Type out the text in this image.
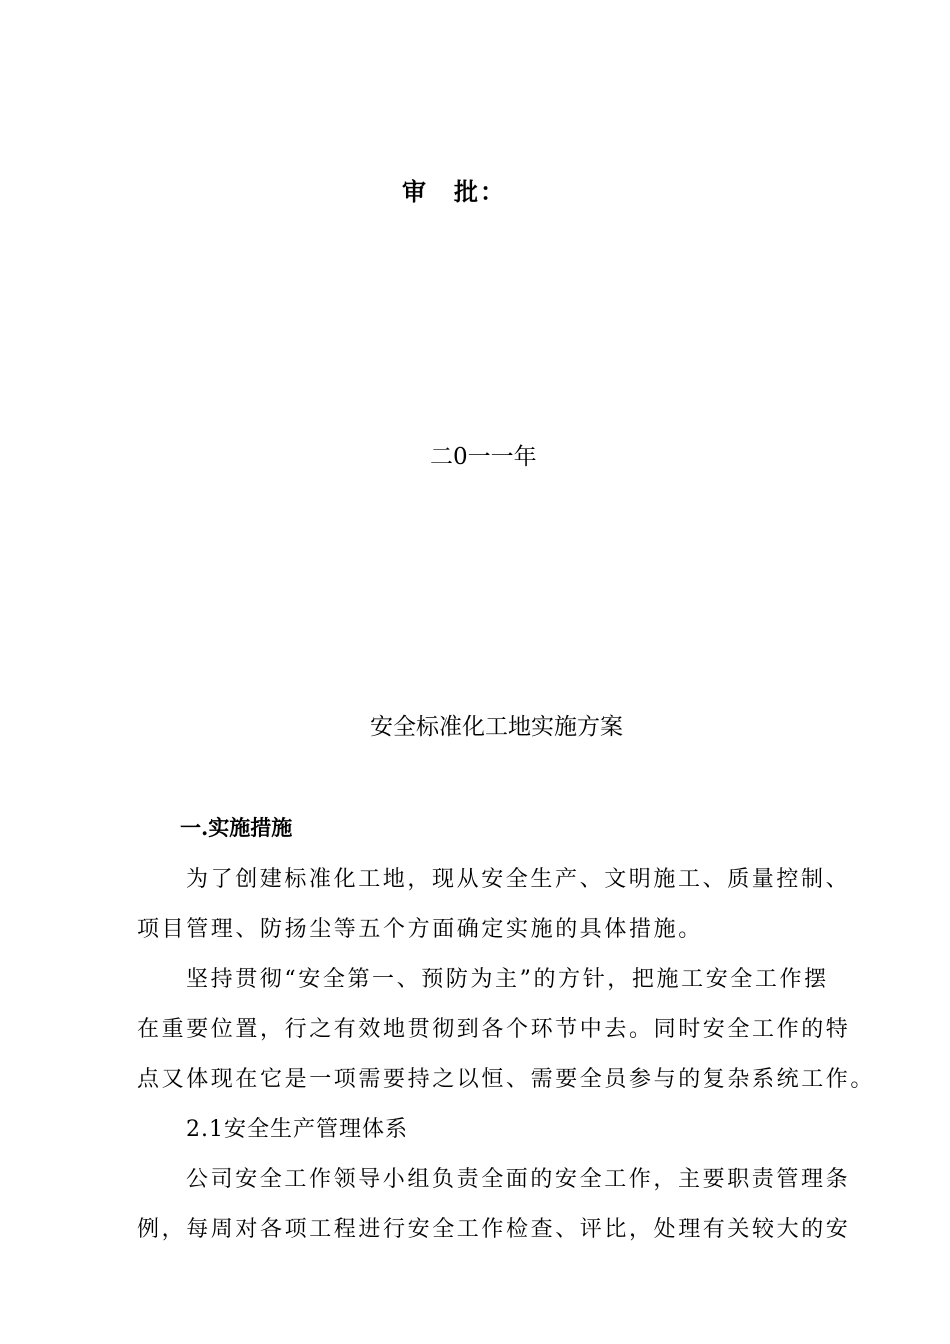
审 批：
二0一一年
安全标准化工地实施方案
一.实施措施
为了创建标准化工地，现从安全生产、文明施工、质量控制、
项目管理、防扬尘等五个方面确定实施的具体措施。
坚持贯彻“安全第一、预防为主”的方针，把施工安全工作摆
在重要位置，行之有效地贯彻到各个环节中去。同时安全工作的特
点又体现在它是一项需要持之以恒、需要全员参与的复杂系统工作。
2.1安全生产管理体系
公司安全工作领导小组负责全面的安全工作，主要职责管理条
例，每周对各项工程进行安全工作检查、评比，处理有关较大的安
